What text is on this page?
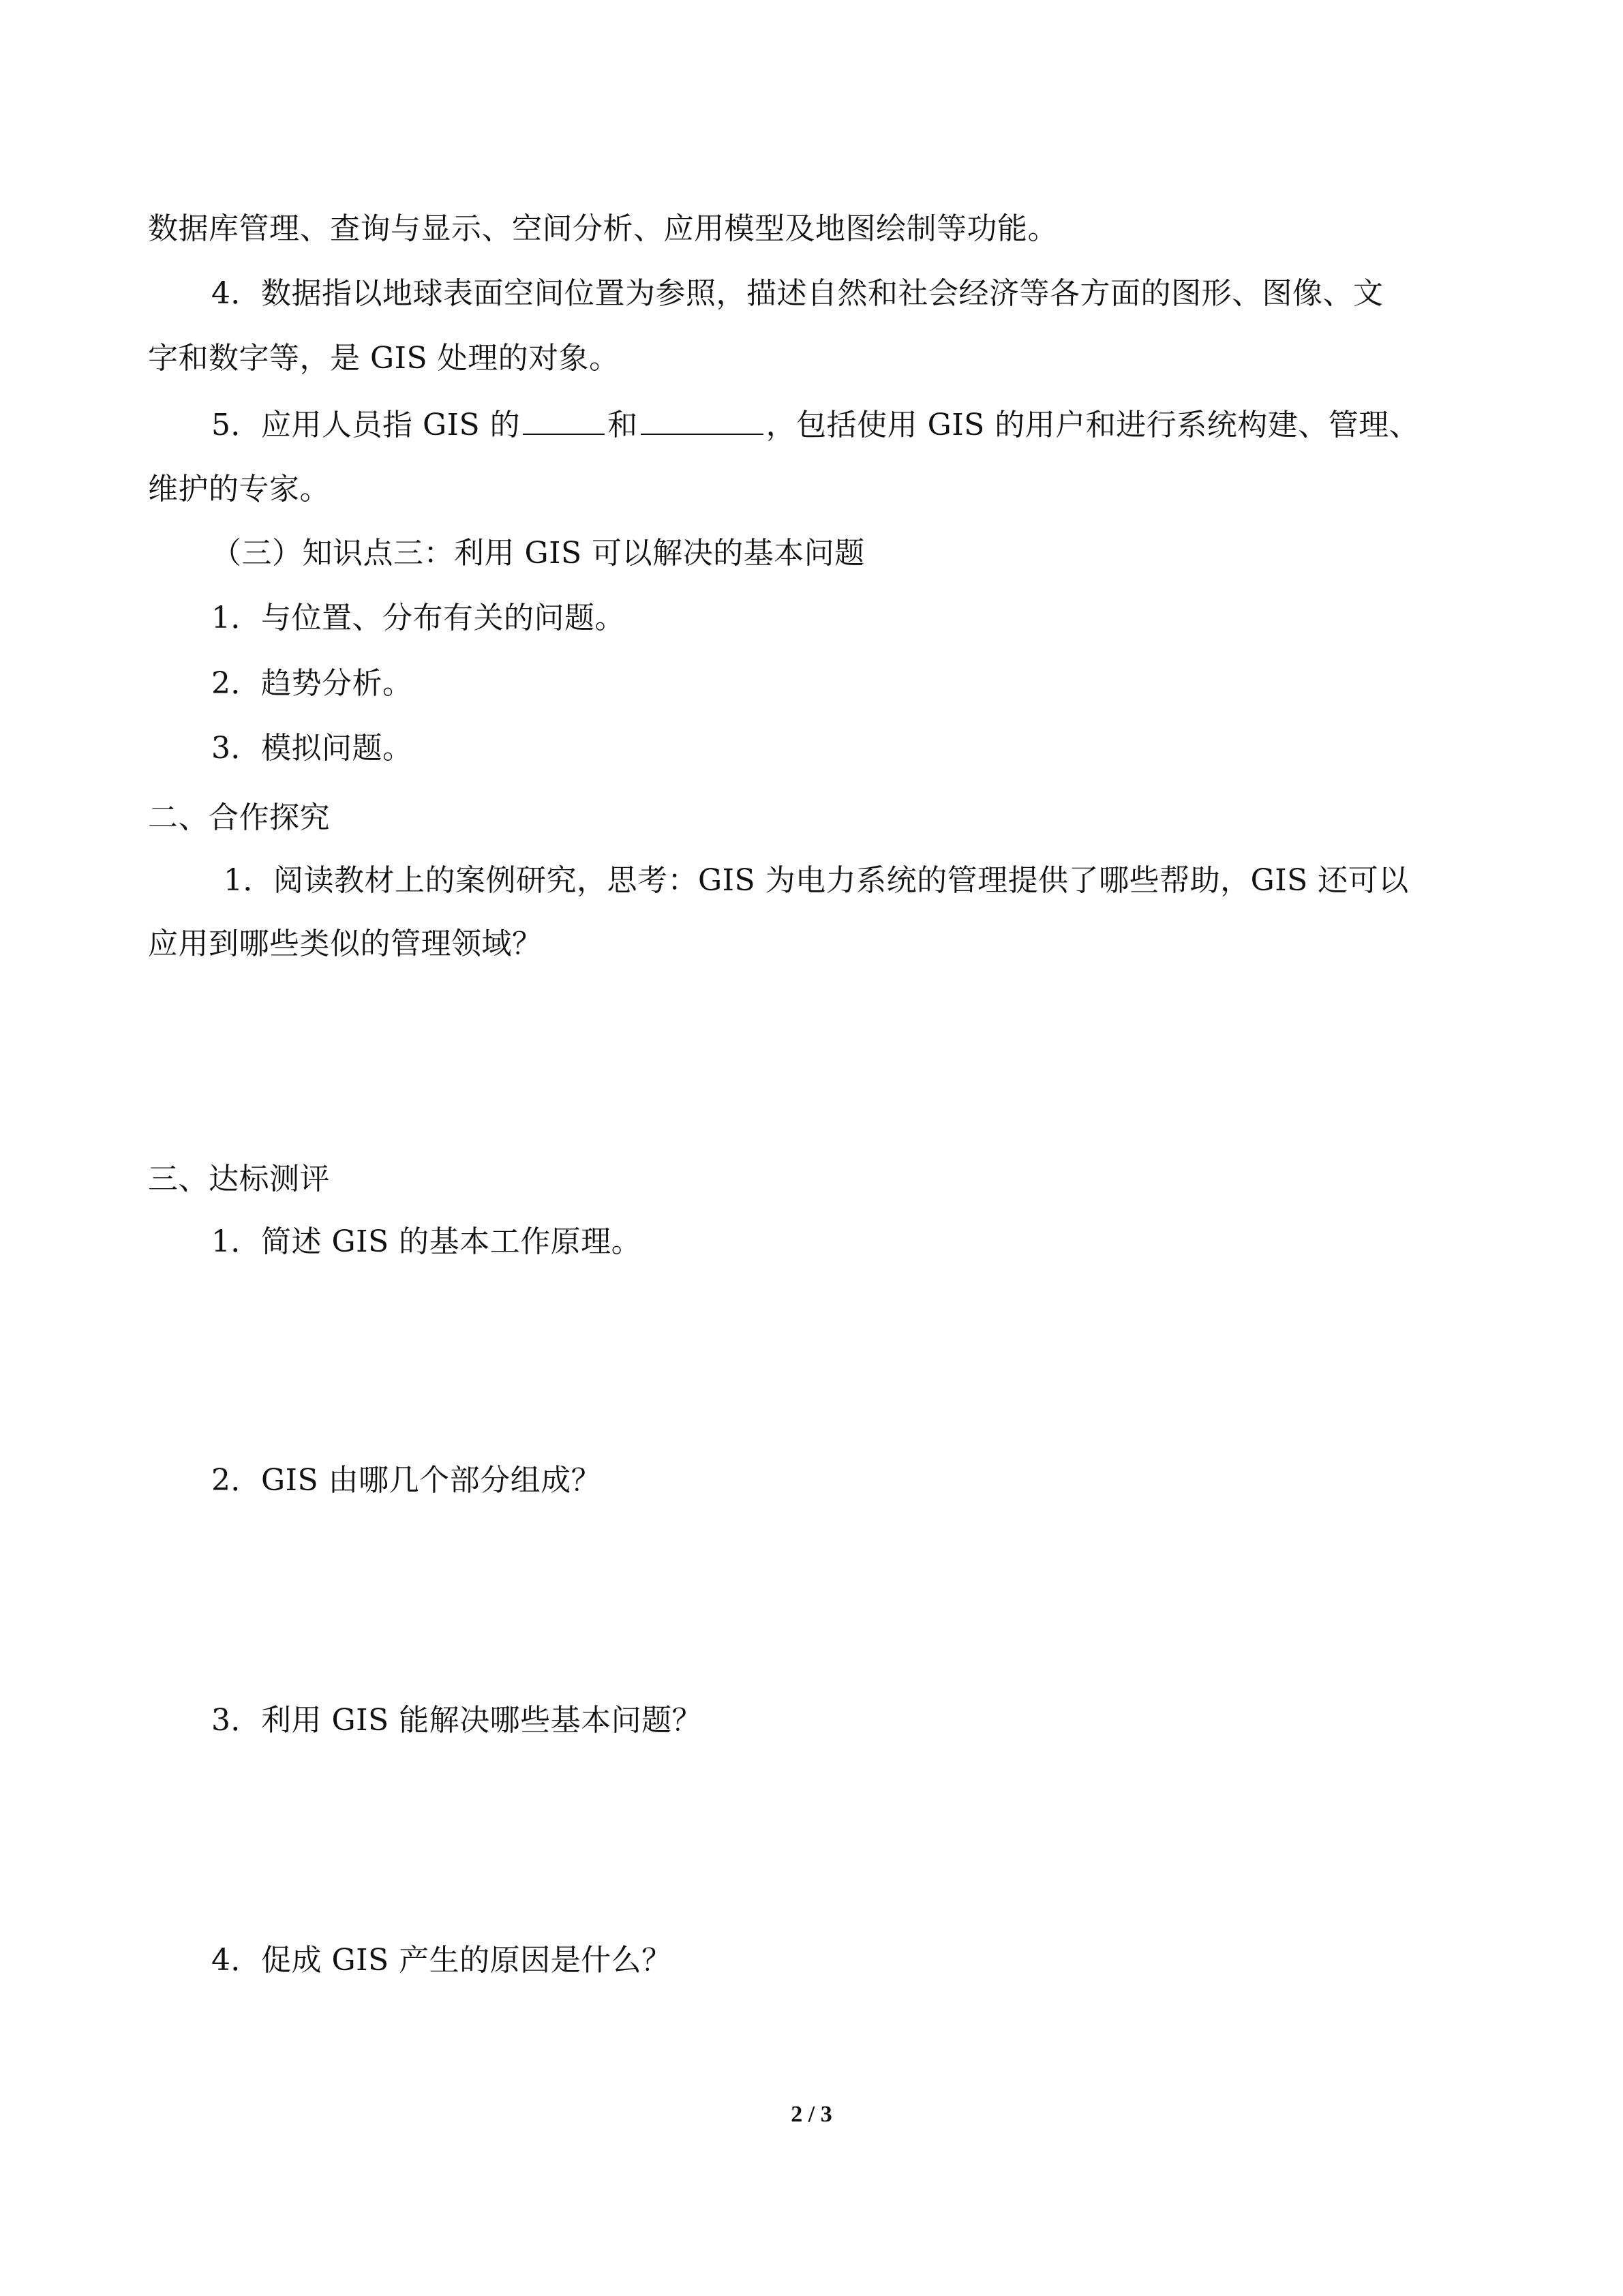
数据库管理、查询与显示、空间分析、应用模型及地图绘制等功能。
4．数据指以地球表面空间位置为参照，描述自然和社会经济等各方面的图形、图像、文
字和数字等，是 GIS 处理的对象。
5．应用人员指 GIS 的	和	，包括使用 GIS 的用户和进行系统构建、管理、
维护的专家。
（三）知识点三：利用 GIS 可以解决的基本问题
1．与位置、分布有关的问题。
2．趋势分析。
3．模拟问题。
二、合作探究
1．阅读教材上的案例研究，思考：GIS 为电力系统的管理提供了哪些帮助，GIS 还可以
应用到哪些类似的管理领域？
三、达标测评
1．简述 GIS 的基本工作原理。
2．GIS 由哪几个部分组成？
3．利用 GIS 能解决哪些基本问题？
4．促成 GIS 产生的原因是什么？
2 / 3
